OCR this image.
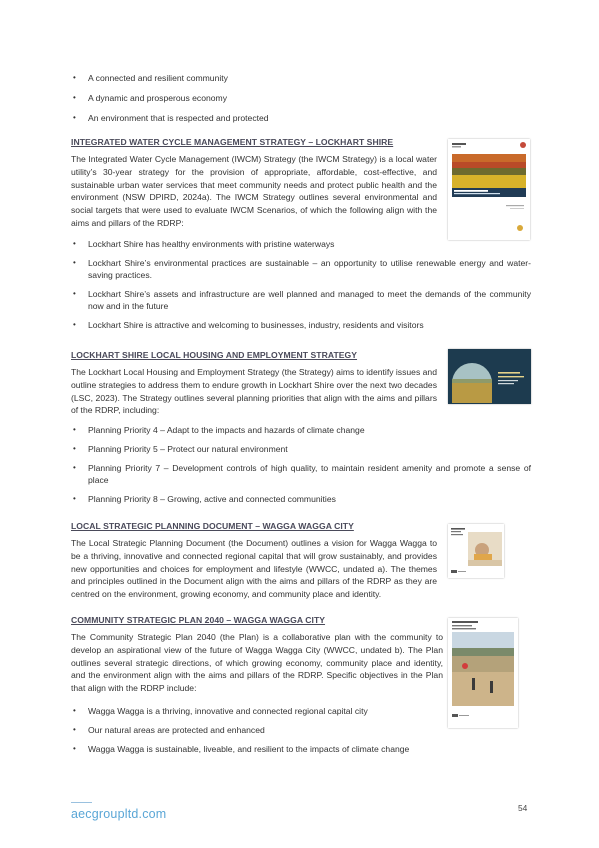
• A connected and resilient community
• A dynamic and prosperous economy
• An environment that is respected and protected
INTEGRATED WATER CYCLE MANAGEMENT STRATEGY – LOCKHART SHIRE
The Integrated Water Cycle Management (IWCM) Strategy (the IWCM Strategy) is a local water utility’s 30-year strategy for the provision of appropriate, affordable, cost-effective, and sustainable urban water services that meet community needs and protect public health and the environment (NSW DPIRD, 2024a). The IWCM Strategy outlines several environmental and social targets that were used to evaluate IWCM Scenarios, of which the following align with the aims and pillars of the RDRP:
• Lockhart Shire has healthy environments with pristine waterways
• Lockhart Shire’s environmental practices are sustainable – an opportunity to utilise renewable energy and water-saving practices.
• Lockhart Shire’s assets and infrastructure are well planned and managed to meet the demands of the community now and in the future
• Lockhart Shire is attractive and welcoming to businesses, industry, residents and visitors
LOCKHART SHIRE LOCAL HOUSING AND EMPLOYMENT STRATEGY
The Lockhart Local Housing and Employment Strategy (the Strategy) aims to identify issues and outline strategies to address them to endure growth in Lockhart Shire over the next two decades (LSC, 2023). The Strategy outlines several planning priorities that align with the aims and pillars of the RDRP, including:
• Planning Priority 4 – Adapt to the impacts and hazards of climate change
• Planning Priority 5 – Protect our natural environment
• Planning Priority 7 – Development controls of high quality, to maintain resident amenity and promote a sense of place
• Planning Priority 8 – Growing, active and connected communities
LOCAL STRATEGIC PLANNING DOCUMENT – WAGGA WAGGA CITY
The Local Strategic Planning Document (the Document) outlines a vision for Wagga Wagga to be a thriving, innovative and connected regional capital that will grow sustainably, and provides new opportunities and choices for employment and lifestyle (WWCC, undated a). The themes and principles outlined in the Document align with the aims and pillars of the RDRP as they are centred on the environment, growing economy, and community place and identity.
COMMUNITY STRATEGIC PLAN 2040 – WAGGA WAGGA CITY
The Community Strategic Plan 2040 (the Plan) is a collaborative plan with the community to develop an aspirational view of the future of Wagga Wagga City (WWCC, undated b). The Plan outlines several strategic directions, of which growing economy, community place and identity, and the environment align with the aims and pillars of the RDRP. Specific objectives in the Plan that align with the RDRP include:
• Wagga Wagga is a thriving, innovative and connected regional capital city
• Our natural areas are protected and enhanced
• Wagga Wagga is sustainable, liveable, and resilient to the impacts of climate change
aecgroupltd.com	54
